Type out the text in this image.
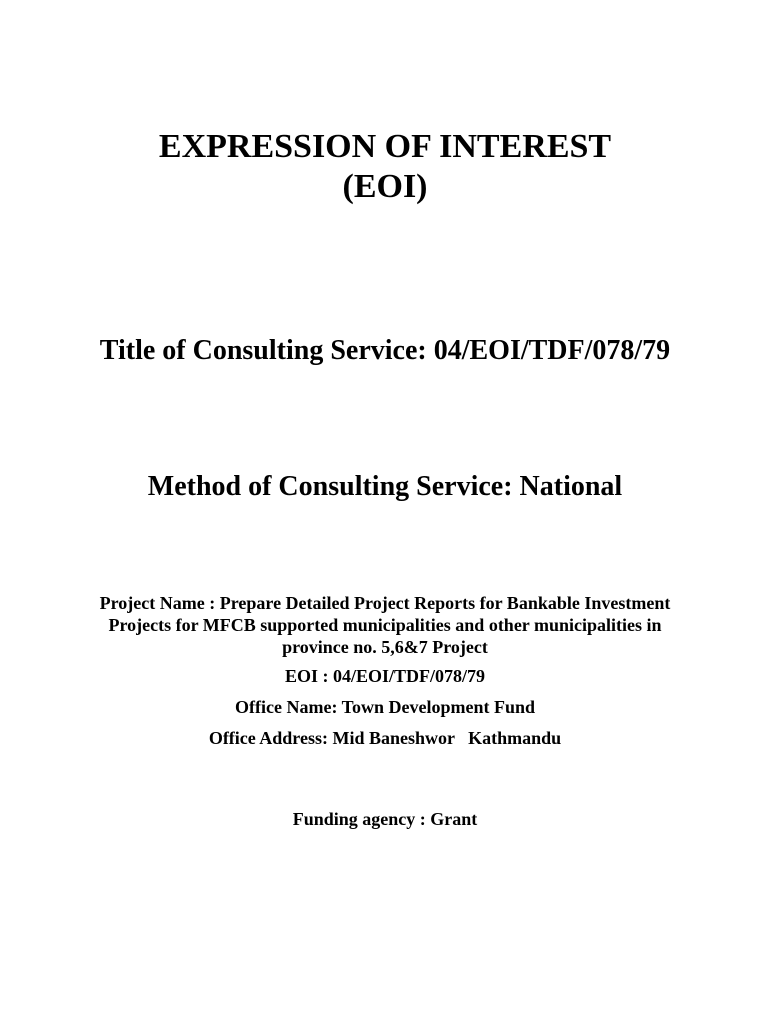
EXPRESSION OF INTEREST
(EOI)
Title of Consulting Service: 04/EOI/TDF/078/79
Method of Consulting Service: National
Project Name : Prepare Detailed Project Reports for Bankable Investment
Projects for MFCB supported municipalities and other municipalities in
province no. 5,6&7 Project
EOI : 04/EOI/TDF/078/79
Office Name: Town Development Fund
Office Address: Mid Baneshwor   Kathmandu
Funding agency : Grant
